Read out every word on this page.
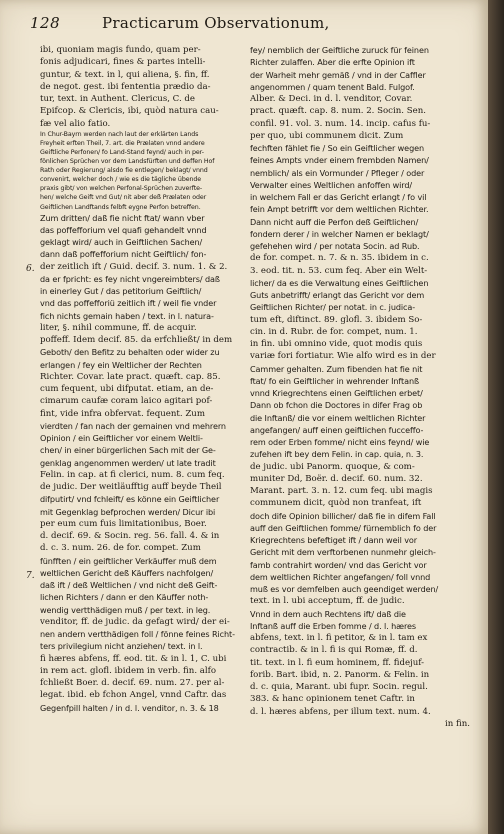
128	Practicarum Observationum,
6.
7.
ibi, quoniam magis fundo, quam per-
fonis adjudicari, fines & partes intelli-
guntur, & text. in l, qui aliena, §. fin, ff.
de negot. gest. ibi fententia prædio da-
tur, text. in Authent. Clericus, C. de
Epifcop. & Clericis, ibi, quòd natura cau-
fæ vel alio fatio.
In Chur-Bayrn werden nach laut der erklärten Lands
Freyheit erften Theil, 7. art. die Prælaten vnnd andere
Geiftliche Perfonen/ fo Land-Stand feynd/ auch in per-
fönlichen Sprüchen vor dem Landsfürften und deffen Hof
Rath oder Regierung/ alsdo fie entlegen/ beklagt/ vnnd
convenirt, welcher doch / wie es die tägliche übende
praxis gibt/ von welchen Perfonal-Sprüchen zuverfte-
hen/ welche Geift vnd Gut/ nit aber deß Prælaten oder
Geiftlichen Landftands felbft eygne Perfon betreffen.
Zum dritten/ daß fie nicht ftat/ wann vber
das poffefforium vel quafi gehandelt vnnd
geklagt wird/ auch in Geiftlichen Sachen/
dann daß poffefforium nicht Geiftlich/ fon-
der zeitlich ift / Guid. decif. 3. num. 1. & 2.
da er fpricht: es fey nicht vngereimbters/ daß
in einerley Gut / das petitorium Geiftlich/
vnd das poffefforiü zeitlich ift / weil fie vnder
fich nichts gemain haben / text. in l. natura-
liter, §. nihil commune, ff. de acquir.
poffeff. Idem decif. 85. da erfchließt/ in dem
Geboth/ den Befitz zu behalten oder wider zu
erlangen / fey ein Weltlicher der Rechten
Richter. Covar. late pract. quæft. cap. 85.
cum fequent, ubi difputat. etiam, an de-
cimarum caufæ coram laico agitari pof-
fint, vide infra obfervat. fequent. Zum
vierdten / fan nach der gemainen vnd mehrern
Opinion / ein Geiftlicher vor einem Weltli-
chen/ in einer bürgerlichen Sach mit der Ge-
genklag angenommen werden/ ut late tradit
Felin. in cap. at fi clerici, num. 8. cum feq.
de judic. Der weitläufftig auff beyde Theil
difputirt/ vnd fchleift/ es könne ein Geiftlicher
mit Gegenklag befprochen werden/ Dicur ibi
per eum cum fuis limitationibus, Boer.
d. decif. 69. & Socin. reg. 56. fall. 4. & in
d. c. 3. num. 26. de for. compet. Zum
fünfften / ein geiftlicher Verkäuffer muß dem
weltlichen Gericht deß Käuffers nachfolgen/
daß ift / deß Weltlichen / vnd nicht deß Geift-
lichen Richters / dann er den Käuffer noth-
wendig vertthädigen muß / per text. in leg.
venditor, ff. de judic. da gefagt wird/ der ei-
nen andern vertthädigen foll / fönne feines Richt-
ters privilegium nicht anziehen/ text. in l.
fi hæres abfens, ff. eod. tit. & in l. 1, C. ubi
in rem act. glofl. ibidem in verb. fin. alfo
fchließt Boer. d. decif. 69. num. 27. per al-
legat. ibid. eb fchon Angel, vnnd Caftr. das
Gegenfpill halten / in d. l. venditor, n. 3. & 18
fey/ nemblich der Geiftliche zuruck für feinen
Richter zulaffen. Aber die erfte Opinion ift
der Warheit mehr gemäß / vnd in der Caffler
angenommen / quam tenent Bald. Fulgof.
Alber. & Deci. in d. l. venditor, Covar.
pract. quæft. cap. 8. num. 2. Socin. Sen.
confil. 91. vol. 3. num. 14. incip. cafus fu-
per quo, ubi communem dicit. Zum
fechften fählet fie / So ein Geiftlicher wegen
feines Ampts vnder einem frembden Namen/
nemblich/ als ein Vormunder / Pfleger / oder
Verwalter eines Weltlichen anfoffen wird/
in welchem Fall er das Gericht erlangt / fo vil
fein Ampt betrifft vor dem weltlichen Richter.
Dann nicht auff die Perfon deß Geiftlichen/
fondern derer / in welcher Namen er beklagt/
gefehehen wird / per notata Socin. ad Rub.
de for. compet. n. 7. & n. 35. ibidem in c.
3. eod. tit. n. 53. cum feq. Aber ein Welt-
licher/ da es die Verwaltung eines Geiftlichen
Guts anbetrifft/ erlangt das Gericht vor dem
Geiftlichen Richter/ per notat. in c. judica-
tum eft, diftinct. 89. glofl. 3. ibidem So-
cin. in d. Rubr. de for. compet, num. 1.
in fin. ubi omnino vide, quot modis quis
variæ fori fortiatur. Wie alfo wird es in der
Cammer gehalten. Zum fibenden hat fie nit
ftat/ fo ein Geiftlicher in wehrender Inftanß
vnnd Kriegrechtens einen Geiftlichen erbet/
Dann ob fchon die Doctores in difer Frag ob
die Inftanß/ die vor einem weltlichen Richter
angefangen/ auff einen geiftlichen fucceffo-
rem oder Erben fomme/ nicht eins feynd/ wie
zufehen ift bey dem Felin. in cap. quia, n. 3.
de judic. ubi Panorm. quoque, & com-
muniter Dd, Boër. d. decif. 60. num. 32.
Marant. part. 3. n. 12. cum feq. ubi magis
communem dicit, quòd non tranfeat, ift
doch dife Opinion billicher/ daß fie in difem Fall
auff den Geiftlichen fomme/ fürnemblich fo der
Kriegrechtens befeftiget ift / dann weil vor
Gericht mit dem verftorbenen nunmehr gleich-
famb contrahirt worden/ vnd das Gericht vor
dem weltlichen Richter angefangen/ foll vnnd
muß es vor demfelben auch geendiget werden/
text. in l. ubi acceptum, ff. de judic.
Vnnd in dem auch Rechtens ift/ daß die
Inftanß auff die Erben fomme / d. l. hæres
abfens, text. in l. fi petitor, & in l. tam ex
contractib. & in l. fi is qui Romæ, ff. d.
tit. text. in l. fi eum hominem, ff. fidejuf-
forib. Bart. ibid, n. 2. Panorm. & Felin. in
d. c. quia, Marant. ubi fupr. Socin. regul.
383. & hanc opinionem tenet Caftr. in
d. l. hæres abfens, per illum text. num. 4.
in fin.
